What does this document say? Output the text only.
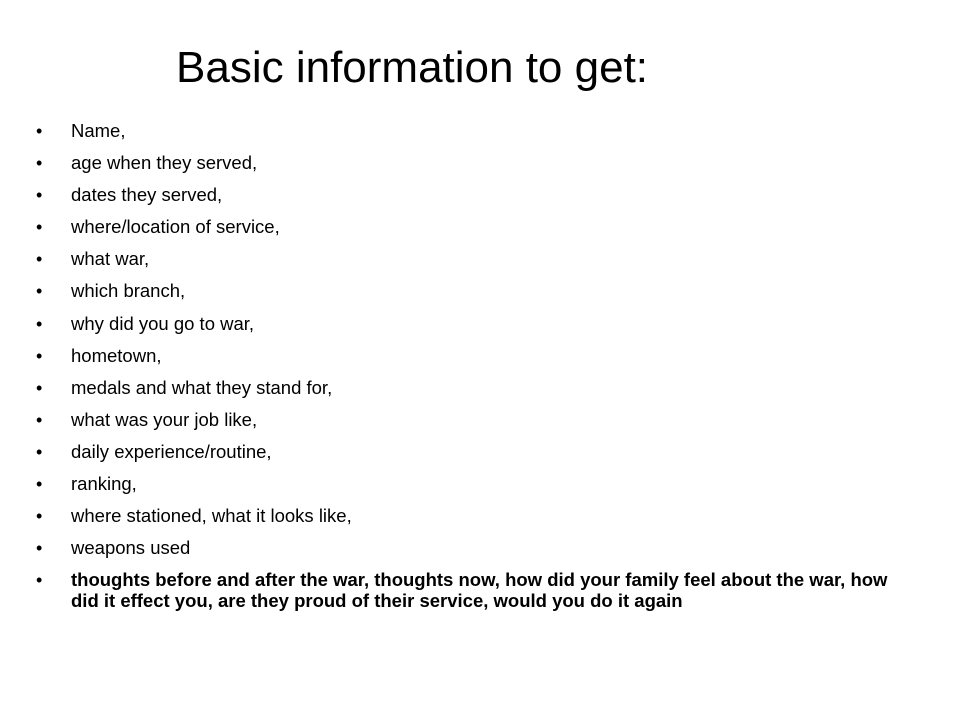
Basic information to get:
• Name,
• age when they served,
• dates they served,
• where/location of service,
• what war,
• which branch,
• why did you go to war,
• hometown,
• medals and what they stand for,
• what was your job like,
• daily experience/routine,
• ranking,
• where stationed, what it looks like,
• weapons used
• thoughts before and after the war, thoughts now, how did your family feel about the war, how did it effect you, are they proud of their service, would you do it again
